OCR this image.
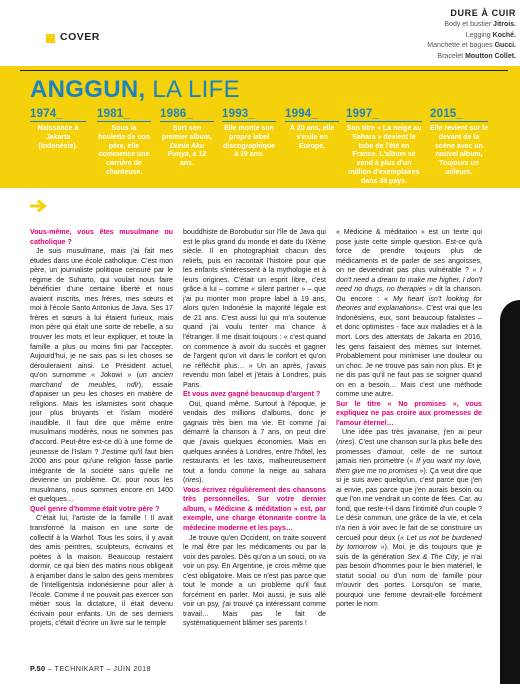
COVER
DURE À CUIR
Body et bustier Jitrois.
Legging Koché.
Manchette et bagues Gucci.
Bracelet Moutton Collet.
ANGGUN, LA LIFE
1974_
Naissance à Jakarta (Indonésie).
1981_
Sous la houlette de son père, elle commence une carrière de chanteuse.
1986_
Sort son premier album, Dunia Aku Punya, à 12 ans.
1993_
Elle monte son propre label discographique à 19 ans.
1994_
À 20 ans, elle s'exile en Europe.
1997_
Son titre « La neige au Sahara » devient le tube de l'été en France. L'album se vend à plus d'un million d'exemplaires dans 35 pays.
2015_
Elle revient sur le devant de la scène avec un nouvel album, Toujours un ailleurs.

Vous-même, vous êtes musulmane ou catholique ?

Je suis musulmane, mais j'ai fait mes études dans une école catholique. C'est mon père, un journaliste politique censuré par le régime de Suharto, qui voulait nous faire bénéficier d'une certaine liberté et nous avaient inscrits, mes frères, mes sœurs et moi à l'école Santo Antonius de Java. Ses 17 frères et sœurs à lui étaient furieux, mais mon père qui était une sorte de rebelle, a su trouver les mots et leur expliquer, et toute la famille a plus ou moins fini par l'accepter. Aujourd'hui, je ne sais pas si les choses se dérouleraient ainsi. Le Président actuel, qu'on surnomme « Jokowi » (un ancien marchand de meubles, ndlr), essaie d'apaiser un peu les choses en matière de religions. Mais les islamistes sont chaque jour plus bruyants et l'islam modéré inaudible. Il faut dire que même entre musulmans modérés, nous ne sommes pas d'accord. Peut-être est-ce dû à une forme de jeunesse de l'Islam ? J'estime qu'il faut bien 2000 ans pour qu'une religion fasse partie intégrante de la société sans qu'elle ne devienne un problème. Or, pour nous les musulmans, nous sommes encore en 1400 et quelques…

Quel genre d'homme était votre père ?

C'était lui, l'artiste de la famille ! Il avait transformé la maison en une sorte de collectif à la Warhol. Tous les soirs, il y avait des amis peintres, sculpteurs, écrivains et poètes à la maison. Beaucoup restaient dormir, ce qui bien des matins nous obligeait à enjamber dans le salon des gens membres de l'intelligentsia indonésienne pour aller à l'école. Comme il ne pouvait pas exercer son métier sous la dictature, il était devenu écrivain pour enfants. Un de ses derniers projets, c'était d'écrire un livre sur le temple

bouddhiste de Borobudur sur l'île de Java qui est le plus grand du monde et date du IXème siècle. Il en photographiait chacun des reliefs, puis en racontait l'histoire pour que les enfants s'intéressent à la mythologie et à leurs origines. C'était un esprit libre, c'est grâce à lui – comme « silent partner » – que j'ai pu monter mon propre label à 19 ans, alors qu'en Indonésie la majorité légale est de 21 ans. C'est aussi lui qui m'a soutenue quand j'ai voulu tenter ma chance à l'étranger. Il me disait toujours : « c'est quand on commence à avoir du succès et gagner de l'argent qu'on vit dans le confort et qu'on ne réfléchit plus… » Un an après, j'avais revendu mon label et j'étais à Londres, puis Paris.

Et vous avez gagné beaucoup d'argent ?

Oui, quand même. Surtout à l'époque, je vendais des millions d'albums, donc je gagnais très bien ma vie. Et comme j'ai démarré la chanson à 7 ans, on peut dire que j'avais quelques économies. Mais en quelques années à Londres, entre l'hôtel, les restaurants et les taxis, malheureusement tout a fondu comme la neige au sahara (rires).

Vous écrivez régulièrement des chansons très personnelles. Sur votre dernier album, « Médicine & méditation » est, par exemple, une charge étonnante contre la médecine moderne et les pays…

Je trouve qu'en Occident, on traite souvent le mal être par les médicaments ou par la voix des paroles. Dès qu'on a un souci, on va voir un psy. En Argentine, je crois même que c'est obligatoire. Mais ce n'est pas parce que tout le monde a un problème qu'il faut forcément en parler. Moi aussi, je suis allé voir un psy, j'ai trouvé ça intéressant comme travail… Mais pas le fait de systématiquement blâmer ses parents !

« Médicine & méditation » est un texte qui pose juste cette simple question. Est-ce qu'à force de prendre toujours plus de médicaments et de parler de ses angoisses, on ne deviendrait pas plus vulnérable ? « I don't need a dream to make me higher, I don't need no drugs, no therapies » dit la chanson. Ou encore : « My heart isn't looking for theories and explanations». C'est vrai que les Indonésiens, eux, sont beaucoup fatalistes – et donc optimistes - face aux maladies et à la mort. Lors des attentats de Jakarta en 2016, les gens faisaient des mèmes sur Internet. Probablement pour minimiser une douleur ou un choc. Je ne trouve pas sain non plus. Et je ne dis pas qu'il ne faut pas se soigner quand on en a besoin… Mais c'est une méthode comme une autre.

Sur le titre « No promises », vous expliquez ne pas croire aux promesses de l'amour éternel…

Une idée pas très javanaise, j'en ai peur (rires). C'est une chanson sur la plus belle des promesses d'amour, celle de ne surtout jamais rien promettre (« If you want my love, then give me no promises »). Ça veut dire que si je suis avec quelqu'un, c'est parce que j'en ai envie, pas parce que j'en aurais besoin ou que l'on me vendrait un conte de fées. Car, au fond, que reste-t-il dans l'intimité d'un couple ? Le désir commun, une grâce de la vie, et cela n'a rien à voir avec le fait de se construire un cercueil pour deux (« Let us not be burdened by tomorrow »). Moi, je dis toujours que je suis de la génération Sex & The City, je n'ai pas besoin d'hommes pour le bien matériel, le statut social ou d'un nom de famille pour m'ouvrir des portes. Lorsqu'on se marie, pourquoi une femme devrait-elle forcément porter le nom

P.50 – TECHNIKART – JUIN 2018
